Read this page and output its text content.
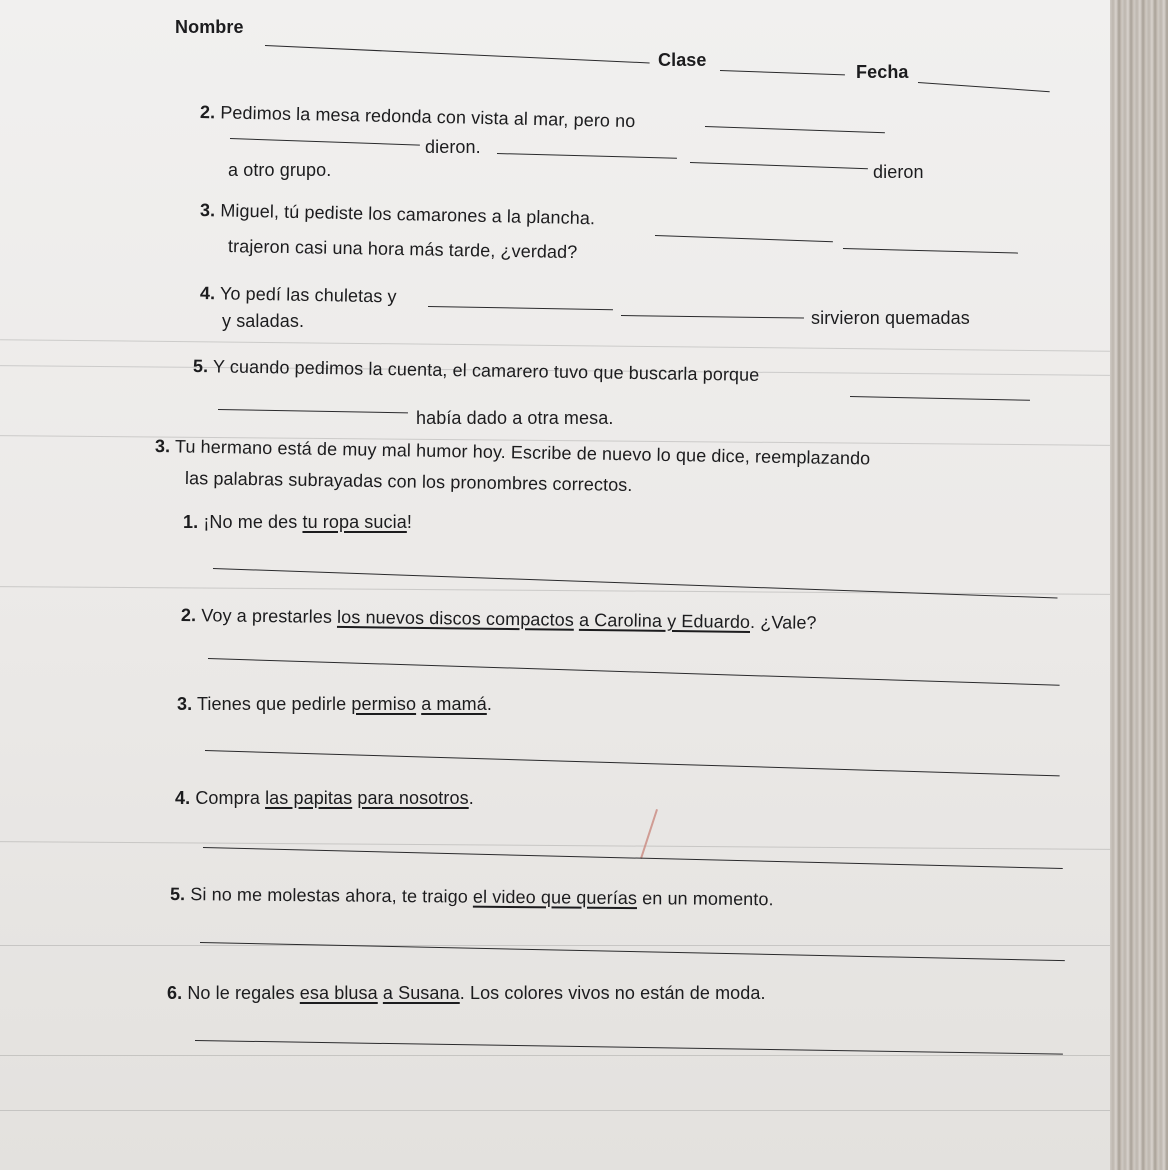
Nombre
Clase
Fecha
2. Pedimos la mesa redonda con vista al mar, pero no
dieron.
a otro grupo.	dieron
3. Miguel, tú pediste los camarones a la plancha.
trajeron casi una hora más tarde, ¿verdad?
4. Yo pedí las chuletas y
sirvieron quemadas
y saladas.
5. Y cuando pedimos la cuenta, el camarero tuvo que buscarla porque
había dado a otra mesa.
3. Tu hermano está de muy mal humor hoy. Escribe de nuevo lo que dice, reemplazando
las palabras subrayadas con los pronombres correctos.
1. ¡No me des tu ropa sucia!
2. Voy a prestarles los nuevos discos compactos a Carolina y Eduardo. ¿Vale?
3. Tienes que pedirle permiso a mamá.
4. Compra las papitas para nosotros.
5. Si no me molestas ahora, te traigo el video que querías en un momento.
6. No le regales esa blusa a Susana. Los colores vivos no están de moda.
